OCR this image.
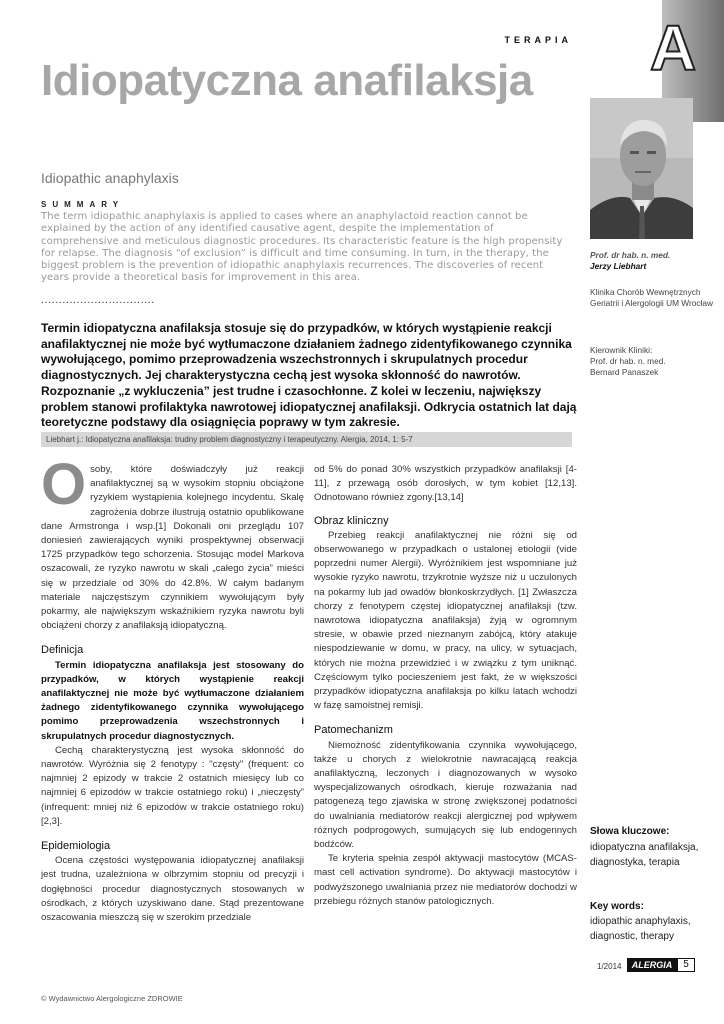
A
TERAPIA
Idiopatyczna anafilaksja
Idiopathic anaphylaxis
SUMMARY
The term idiopathic anaphylaxis is applied to cases where an anaphylactoid reaction cannot be explained by the action of any identified causative agent, despite the implementation of comprehensive and meticulous diagnostic procedures. Its characteristic feature is the high propensity for relapse. The diagnosis “of exclusion” is difficult and time consuming. In turn, in the therapy, the biggest problem is the prevention of idiopathic anaphylaxis recurrences. The discoveries of recent years provide a theoretical basis for improvement in this area.
................................
Termin idiopatyczna anafilaksja stosuje się do przypadków, w których wystąpienie reakcji anafilaktycznej nie może być wytłumaczone działaniem żadnego zidentyfikowanego czynnika wywołującego, pomimo przeprowadzenia wszechstronnych i skrupulatnych procedur diagnostycznych. Jej charakterystyczna cechą jest wysoka skłonność do nawrotów. Rozpoznanie „z wykluczenia” jest trudne i czasochłonne. Z kolei w leczeniu, największy problem stanowi profilaktyka nawrotowej idiopatycznej anafilaksji. Odkrycia ostatnich lat dają teoretyczne podstawy dla osiągnięcia poprawy w tym zakresie.
Liebhart j.: Idiopatyczna anafilaksja: trudny problem diagnostyczny i terapeutyczny. Alergia, 2014, 1: 5-7

Osoby, które doświadczyły już reakcji anafilaktycznej są w wysokim stopniu obciążone ryzykiem wystąpienia kolejnego incydentu. Skalę zagrożenia dobrze ilustrują ostatnio opublikowane dane Armstronga i wsp.[1] Dokonali oni przeglądu 107 doniesień zawierających wyniki prospektywnej obserwacji 1725 przypadków tego schorzenia. Stosując model Markova oszacowali, że ryzyko nawrotu w skali „całego życia” mieści się w przedziale od 30% do 42.8%. W całym badanym materiale najczęstszym czynnikiem wywołującym były pokarmy, ale największym wskaźnikiem ryzyka nawrotu byli obciążeni chorzy z anafilaksją idiopatyczną.

Definicja

Termin idiopatyczna anafilaksja jest stosowany do przypadków, w których wystąpienie reakcji anafilaktycznej nie może być wytłumaczone działaniem żadnego zidentyfikowanego czynnika wywołującego pomimo przeprowadzenia wszechstronnych i skrupulatnych procedur diagnostycznych.

Cechą charakterystyczną jest wysoka skłonność do nawrotów. Wyróżnia się 2 fenotypy : "częsty" (frequent: co najmniej 2 epizody w trakcie 2 ostatnich miesięcy lub co najmniej 6 epizodów w trakcie ostatniego roku) i „nieczęsty” (infrequent: mniej niż 6 epizodów w trakcie ostatniego roku)[2,3].

Epidemiologia

Ocena częstości występowania idiopatycznej anafilaksji jest trudna, uzależniona w olbrzymim stopniu od precyzji i dogłębności procedur diagnostycznych stosowanych w ośrodkach, z których uzyskiwano dane. Stąd prezentowane oszacowania mieszczą się w szerokim przedziale

od 5% do ponad 30% wszystkich przypadków anafilaksji [4-11], z przewagą osób dorosłych, w tym kobiet [12,13]. Odnotowano również zgony.[13,14]

Obraz kliniczny

Przebieg reakcji anafilaktycznej nie różni się od obserwowanego w przypadkach o ustalonej etiologii (vide poprzedni numer Alergii). Wyróżnikiem jest wspomniane już wysokie ryzyko nawrotu, trzykrotnie wyższe niż u uczulonych na pokarmy lub jad owadów błonkoskrzydłych. [1] Zwłaszcza chorzy z fenotypem częstej idiopatycznej anafilaksji (tzw. nawrotowa idiopatyczna anafilaksja) żyją w ogromnym stresie, w obawie przed nieznanym zabójcą, który atakuje niespodziewanie w domu, w pracy, na ulicy, w sytuacjach, których nie można przewidzieć i w związku z tym uniknąć. Częściowym tylko pocieszeniem jest fakt, że w większości przypadków idiopatyczna anafilaksja po kilku latach wchodzi w fazę samoistnej remisji.

Patomechanizm

Niemożność zidentyfikowania czynnika wywołującego, także u chorych z wielokrotnie nawracającą reakcja anafilaktyczną, leczonych i diagnozowanych w wysoko wyspecjalizowanych ośrodkach, kieruje rozważania nad patogenezą tego zjawiska w stronę zwiększonej podatności do uwalniania mediatorów reakcji alergicznej pod wpływem różnych podprogowych, sumujących się lub endogennych bodźców.

Te kryteria spełnia zespół aktywacji mastocytów (MCAS-mast cell activation syndrome). Do aktywacji mastocytów i podwyższonego uwalniania przez nie mediatorów dochodzi w przebiegu różnych stanów patologicznych.

Prof. dr hab. n. med.
Jerzy Liebhart
Klinika Chorób Wewnętrznych Geriatrii i Alergologii UM Wrocław
Kierownik Kliniki:
Prof. dr hab. n. med.
Bernard Panaszek
Słowa kluczowe:
idiopatyczna anafilaksja, diagnostyka, terapia
Key words:
idiopathic anaphylaxis, diagnostic, therapy
1/2014	ALERGIA	5
© Wydawnictwo Alergologiczne ZDROWIE
